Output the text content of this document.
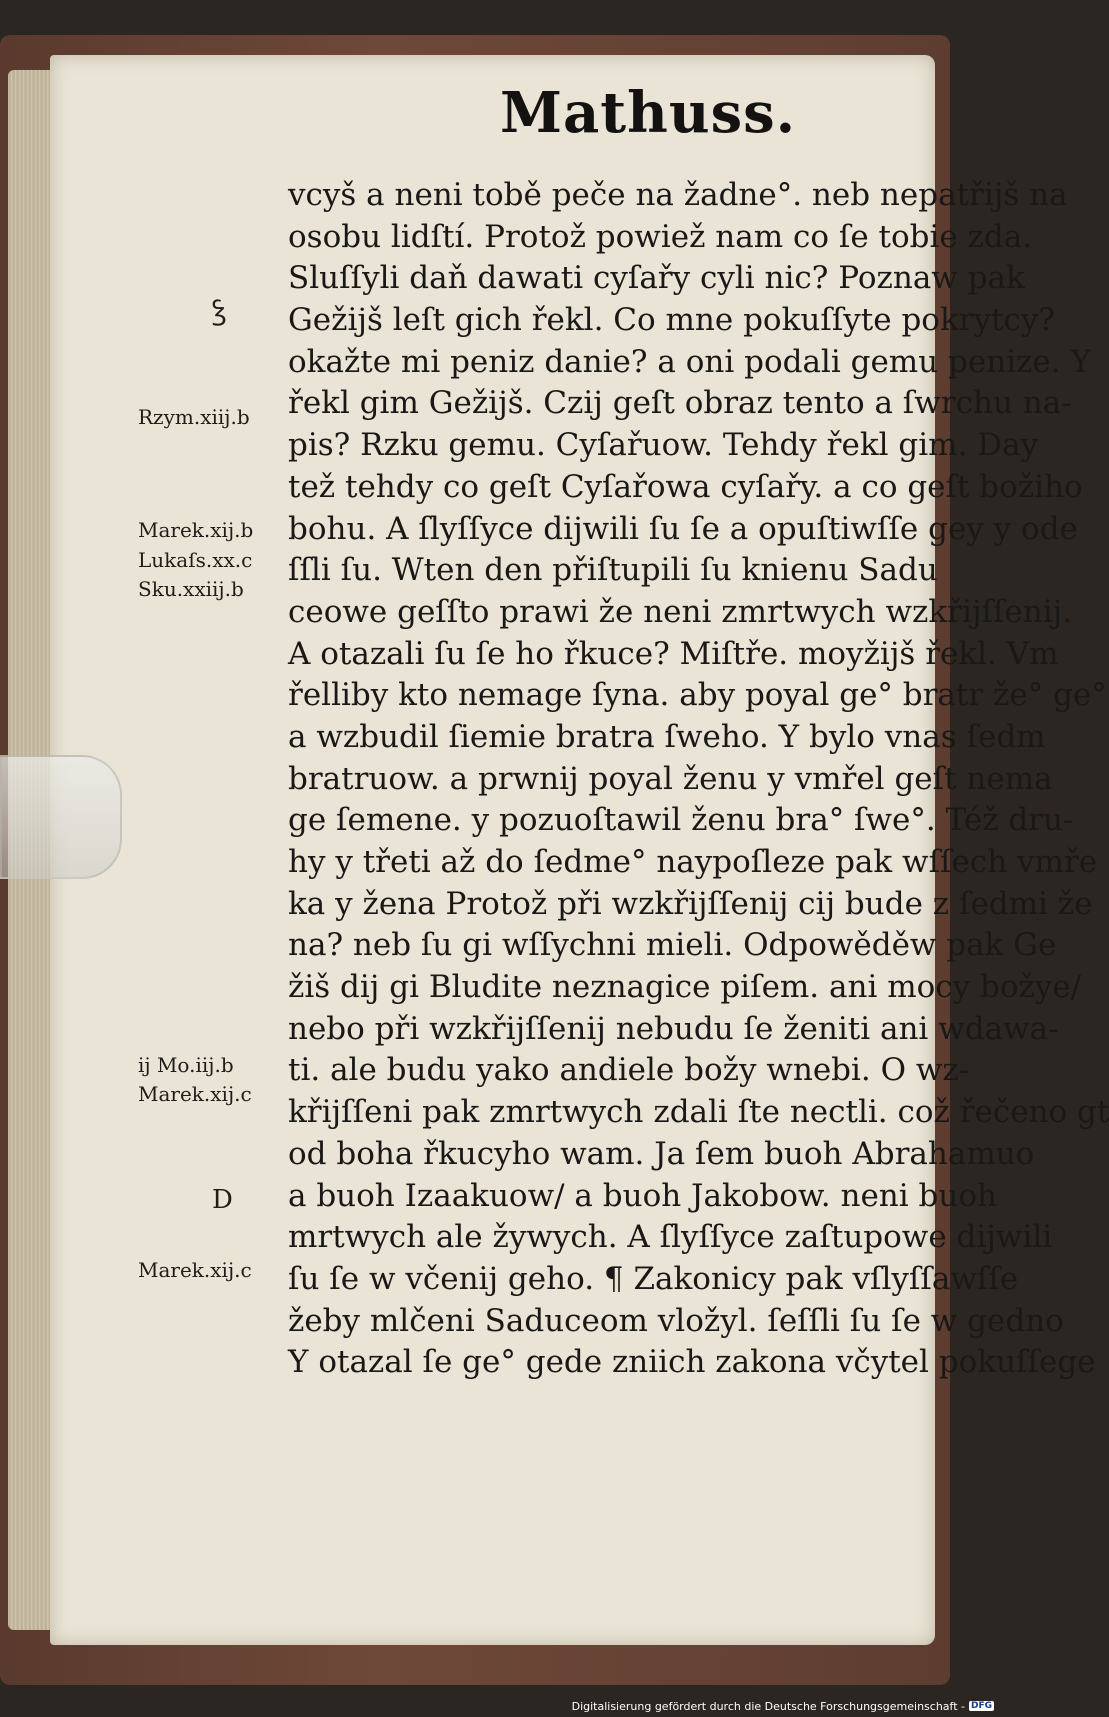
Mathuss.
vcyš a neni tobě peče na žadne°. neb nepatřijš na
osobu lidſtí. Protož powiež nam co ſe tobie zda.
Sluſſyli daň dawati cyſařy cyli nic? Poznaw pak
Gežijš leſt gich řekl. Co mne pokuſſyte pokrytcy?
okažte mi peniz danie? a oni podali gemu penize. Y
řekl gim Gežijš. Czij geſt obraz tento a ſwrchu na-
pis? Rzku gemu. Cyſařuow. Tehdy řekl gim. Day
tež tehdy co geſt Cyſařowa cyſařy. a co geſt božiho
bohu. A ſlyſſyce dijwili ſu ſe a opuſtiwſſe gey y ode
ſſli ſu. Wten den přiſtupili ſu knienu Sadu
ceowe geſſto prawi že neni zmrtwych wzkřijſſenij.
A otazali ſu ſe ho řkuce? Miſtře. moyžijš řekl. Vm
řelliby kto nemage ſyna. aby poyal ge° bratr že° ge°
a wzbudil ſiemie bratra ſweho. Y bylo vnas ſedm
bratruow. a prwnij poyal ženu y vmřel geſt nema
ge ſemene. y pozuoſtawil ženu bra° ſwe°. Též dru-
hy y třeti až do ſedme° naypoſleze pak wſſech vmře
ka y žena Protož při wzkřijſſenij cij bude z ſedmi že
na? neb ſu gi wſſychni mieli. Odpowěděw pak Ge
žiš dij gi Bludite neznagice piſem. ani mocy božye/
nebo při wzkřijſſenij nebudu ſe ženiti ani wdawa-
ti. ale budu yako andiele božy wnebi. O wz-
křijſſeni pak zmrtwych zdali ſte nectli. což řečeno gt
od boha řkucyho wam. Ja ſem buoh Abrahamuo
a buoh Izaakuow/ a buoh Jakobow. neni buoh
mrtwych ale žywych. A ſlyſſyce zaſtupowe dijwili
ſu ſe w včenij geho. ¶ Zakonicy pak vſlyſſawſſe
žeby mlčeni Saduceom vložyl. ſeſſli ſu ſe w gedno
Y otazal ſe ge° gede zniich zakona včytel pokuſſege
ꝣ
Rzym.xiij.b
Marek.xij.b
Lukaſs.xx.c
Sku.xxiij.b
ij Mo.iij.b
Marek.xij.c
D
Marek.xij.c
Digitalisierung gefördert durch die Deutsche Forschungsgemeinschaft - DFG
